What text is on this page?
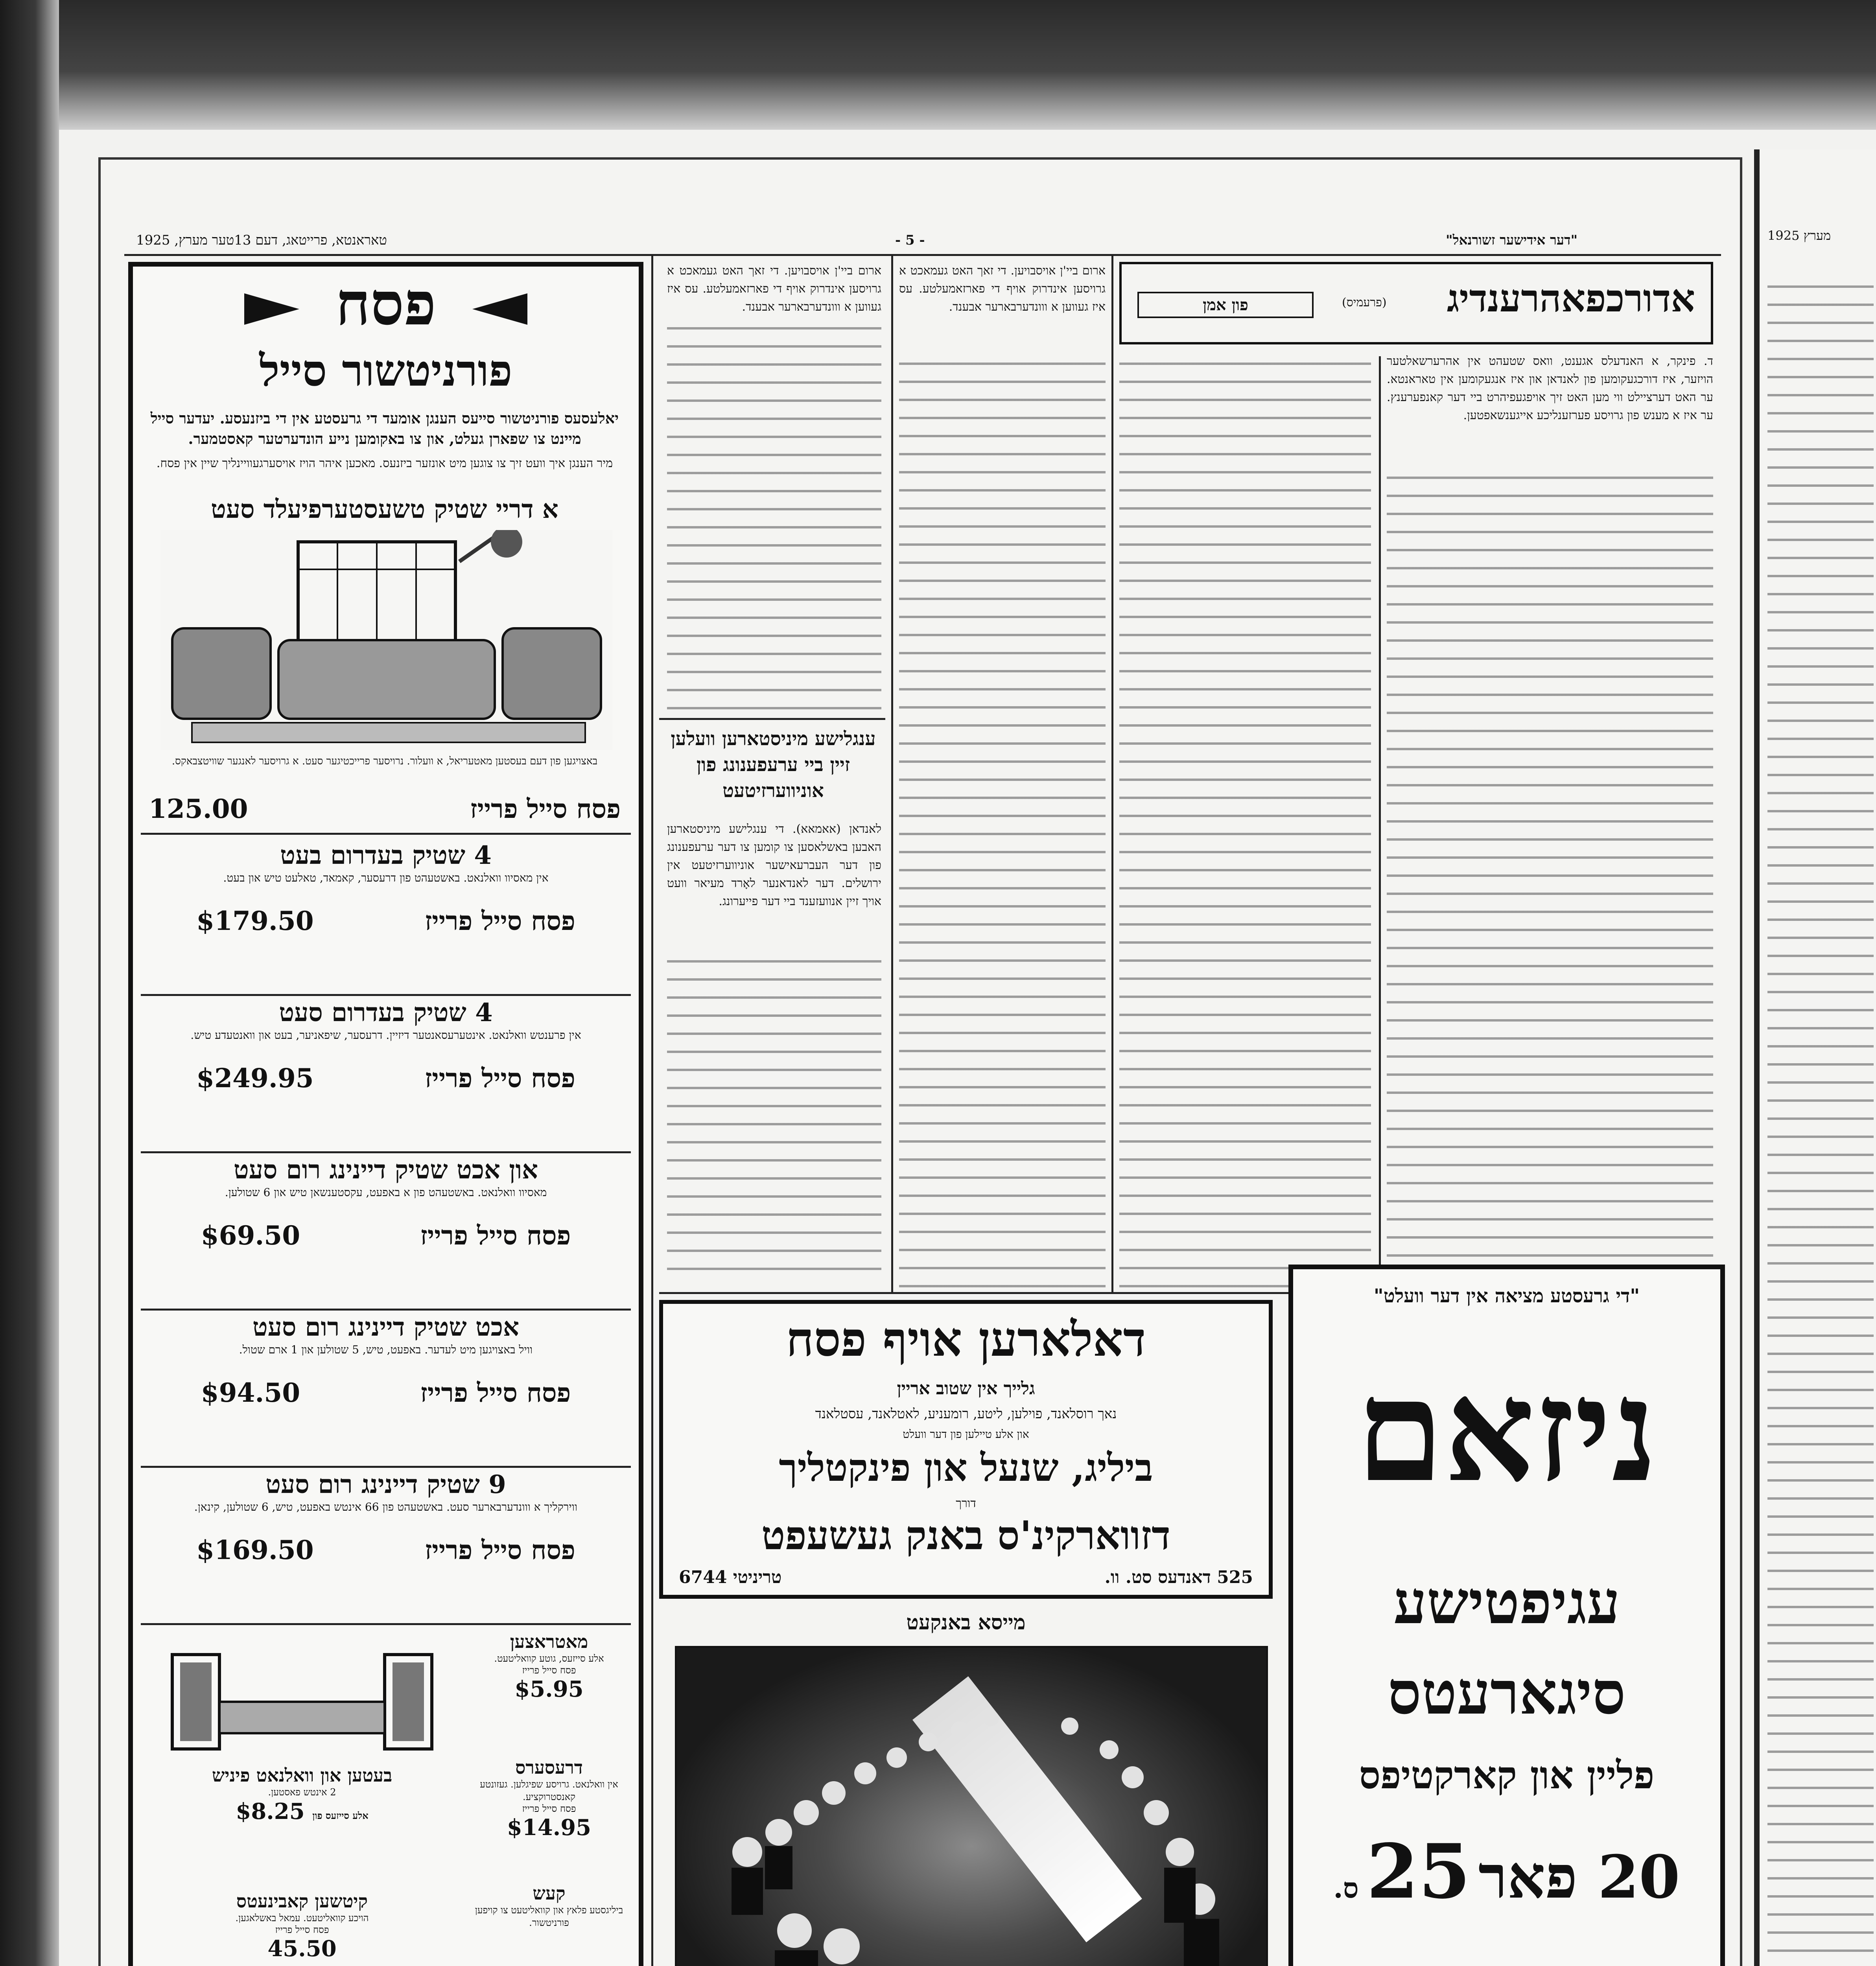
טאראנטא, פרייטאג, דעם 13טער מערץ, 1925	- 5 -	"דער אידישער זשורנאל"
פסח
פורניטשור סייל
יאלעסעס פורניטשור סייעס הענגן אומעד די גרעסטע אין די ביזנעסע. יעדער סייל מיינט צו שפארן געלט, און צו באקומען נייע הונדערטער קאסטמער.
מיר הענגן איך וועט זיך צו צוגען מיט אונזער ביזנעס. מאכען איהר הויז אויסערגעוויינליך שיין אין פסח.
א דריי שטיק טשעסטערפיעלד סעט
באצויגען פון דעם בעסטען מאטעריאל, א וועלור. נרויסער פרייכטיגער סעט. א גרויסער לאנגער שוויטצבאקס.
125.00	פסח סייל פרייז
4 שטיק בעדרום בעט
אין מאסיוו וואלנאט. באשטעהט פון דרעסער, קאמאד, טאלעט טיש און בעט.
$179.50	פסח סייל פרייז
4 שטיק בעדרום סעט
אין פרענטש וואלנאט. אינטערעסאנטער דיזיין. דרעסער, שיפאניער, בעט און וואנטעדע טיש.
$249.95	פסח סייל פרייז
און אכט שטיק דיינינג רום סעט
מאסיוו וואלנאט. באשטעהט פון א באפעט, עקסטענשאן טיש און 6 שטולען.
$69.50	פסח סייל פרייז
אכט שטיק דיינינג רום סעט
וויל באצויגען מיט לעדער. באפעט, טיש, 5 שטולען און 1 ארם שטול.
$94.50	פסח סייל פרייז
9 שטיק דיינינג רום סעט
ווירקליך א ווונדערבארער סעט. באשטעהט פון 66 אינטש באפעט, טיש, 6 שטולען, קינאן.
$169.50	פסח סייל פרייז
מאטראצען
אלע סייזעס, גוטע קוואליטעט.
פסח סייל פרייז
$5.95
דרעסערס
אין וואלנאט. גרויסע שפיגלען. געזונטע קאנסטרוקציע.
פסח סייל פרייז
$14.95
קעש
ביליגסטע פלאץ און קוואליטעט צו קויפען פורניטשור.
בעטען און וואלנאט פיניש
2 אינטש פאסטען.
$8.25 אלע סייזעס פון
קיטשען קאבינעטס
הויכע קוואליטעט. עמאל באשלאגען.
פסח סייל פרייז
45.50
ארום ביי'ן אויסבויען. די זאך האט געמאכט א גרויסען אינדרוק אויף די פארזאמעלטע. עס איז געווען א ווונדערבארער אבענד.
ענגלישע מיניסטארען וועלען זיין ביי ערעפענונג פון אוניווערזיטעט
לאנדאן (אאמאא). די ענגלישע מיניסטארען האבען באשלאסען צו קומען צו דער ערעפענונג פון דער העברעאישער אוניווערזיטעט אין ירושלים. דער לאנדאנער לאָרד מעיאר וועט אויך זיין אנוועזענד ביי דער פייערונג.
ארום ביי'ן אויסבויען. די זאך האט געמאכט א גרויסען אינדרוק אויף די פארזאמעלטע. עס איז געווען א ווונדערבארער אבענד.	אדורכפאהרענדיג
(פרעמיס)
פון אמן
ד. פינקר, א האנדעלס אגענט, וואס שטעהט אין אהרערשאלטער הויזער, איז דורכגעקומען פון לאנדאן און איז אנגעקומען אין טאראנטא. ער האט דערציילט ווי מען האט זיך אויפגעפיהרט ביי דער קאנפערענץ. ער איז א מענש פון גרויסע פערזענליכע אייגענשאפטען.
דאלארען אויף פסח
גלייך אין שטוב אריין
נאך רוסלאנד, פוילען, ליטע, רומעניע, לאטלאנד, עסטלאנד
און אלע טיילען פון דער וועלט
ביליג, שנעל און פינקטליך
דורך
דזווארקינ'ס באנק געשעפט
525 דאנדעס סט. וו.
טריניטי 6744
מייסא באנקעט
"די גרעסטע מציאה אין דער וועלט"
ניזאם
עגיפטישע
סיגארעטס
פליין און קארקטיפס
20 פאר
25
ס.
1925 מערץ
